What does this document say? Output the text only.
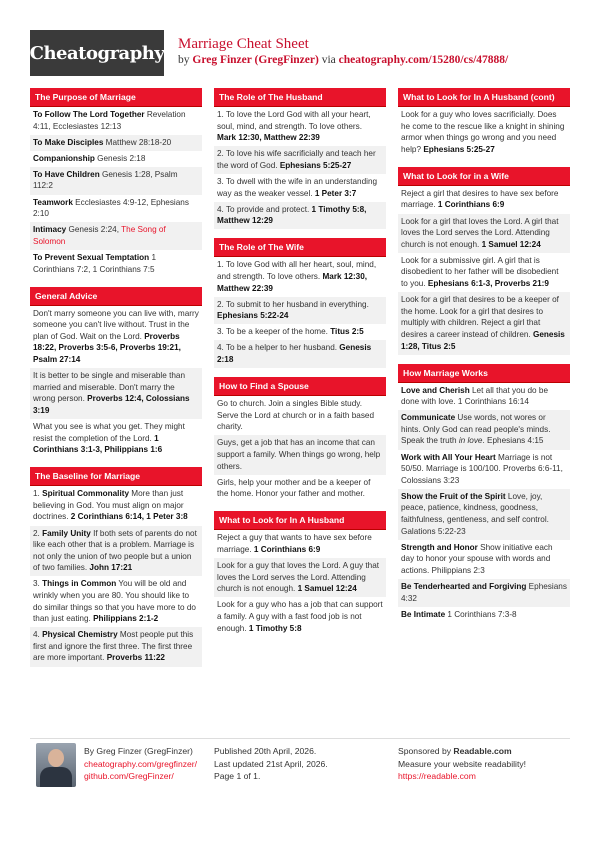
Cheatography Marriage Cheat Sheet
by Greg Finzer (GregFinzer) via cheatography.com/15280/cs/47888/
The Purpose of Marriage
To Follow The Lord Together Revelation 4:11, Ecclesiastes 12:13
To Make Disciples Matthew 28:18-20
Companionship Genesis 2:18
To Have Children Genesis 1:28, Psalm 112:2
Teamwork Ecclesiastes 4:9-12, Ephesians 2:10
Intimacy Genesis 2:24, The Song of Solomon
To Prevent Sexual Temptation 1 Corinthians 7:2, 1 Corinthians 7:5
General Advice
Don't marry someone you can live with, marry someone you can't live without. Trust in the plan of God. Wait on the Lord. Proverbs 18:22, Proverbs 3:5-6, Proverbs 19:21, Psalm 27:14
It is better to be single and miserable than married and miserable. Don't marry the wrong person. Proverbs 12:4, Colossians 3:19
What you see is what you get. They might resist the completion of the Lord. 1 Corinthians 3:1-3, Philippians 1:6
The Baseline for Marriage
1. Spiritual Commonality More than just believing in God. You must align on major doctrines. 2 Corinthians 6:14, 1 Peter 3:8
2. Family Unity If both sets of parents do not like each other that is a problem. Marriage is not only the union of two people but a union of two families. John 17:21
3. Things in Common You will be old and wrinkly when you are 80. You should like to do similar things so that you have more to do than just eating. Philippians 2:1-2
4. Physical Chemistry Most people put this first and ignore the first three. The first three are more important. Proverbs 11:22
The Role of The Husband
1. To love the Lord God with all your heart, soul, mind, and strength. To love others. Mark 12:30, Matthew 22:39
2. To love his wife sacrificially and teach her the word of God. Ephesians 5:25-27
3. To dwell with the wife in an understanding way as the weaker vessel. 1 Peter 3:7
4. To provide and protect. 1 Timothy 5:8, Matthew 12:29
The Role of The Wife
1. To love God with all her heart, soul, mind, and strength. To love others. Mark 12:30, Matthew 22:39
2. To submit to her husband in everything. Ephesians 5:22-24
3. To be a keeper of the home. Titus 2:5
4. To be a helper to her husband. Genesis 2:18
How to Find a Spouse
Go to church. Join a singles Bible study. Serve the Lord at church or in a faith based charity.
Guys, get a job that has an income that can support a family. When things go wrong, help others.
Girls, help your mother and be a keeper of the home. Honor your father and mother.
What to Look for In A Husband
Reject a guy that wants to have sex before marriage. 1 Corinthians 6:9
Look for a guy that loves the Lord. A guy that loves the Lord serves the Lord. Attending church is not enough. 1 Samuel 12:24
Look for a guy who has a job that can support a family. A guy with a fast food job is not enough. 1 Timothy 5:8
What to Look for In A Husband (cont)
Look for a guy who loves sacrificially. Does he come to the rescue like a knight in shining armor when things go wrong and you need help? Ephesians 5:25-27
What to Look for in a Wife
Reject a girl that desires to have sex before marriage. 1 Corinthians 6:9
Look for a girl that loves the Lord. A girl that loves the Lord serves the Lord. Attending church is not enough. 1 Samuel 12:24
Look for a submissive girl. A girl that is disobedient to her father will be disobedient to you. Ephesians 6:1-3, Proverbs 21:9
Look for a girl that desires to be a keeper of the home. Look for a girl that desires to multiply with children. Reject a girl that desires a career instead of children. Genesis 1:28, Titus 2:5
How Marriage Works
Love and Cherish Let all that you do be done with love. 1 Corinthians 16:14
Communicate Use words, not wores or hints. Only God can read people's minds. Speak the truth in love. Ephesians 4:15
Work with All Your Heart Marriage is not 50/50. Marriage is 100/100. Proverbs 6:6-11, Colossians 3:23
Show the Fruit of the Spirit Love, joy, peace, patience, kindness, goodness, faithfulness, gentleness, and self control. Galations 5:22-23
Strength and Honor Show initiative each day to honor your spouse with words and actions. Philippians 2:3
Be Tenderhearted and Forgiving Ephesians 4:32
Be Intimate 1 Corinthians 7:3-8
By Greg Finzer (GregFinzer)
cheatography.com/gregfinzer/
github.com/GregFinzer/
Published 20th April, 2026.
Last updated 21st April, 2026.
Page 1 of 1.
Sponsored by Readable.com
Measure your website readability!
https://readable.com
